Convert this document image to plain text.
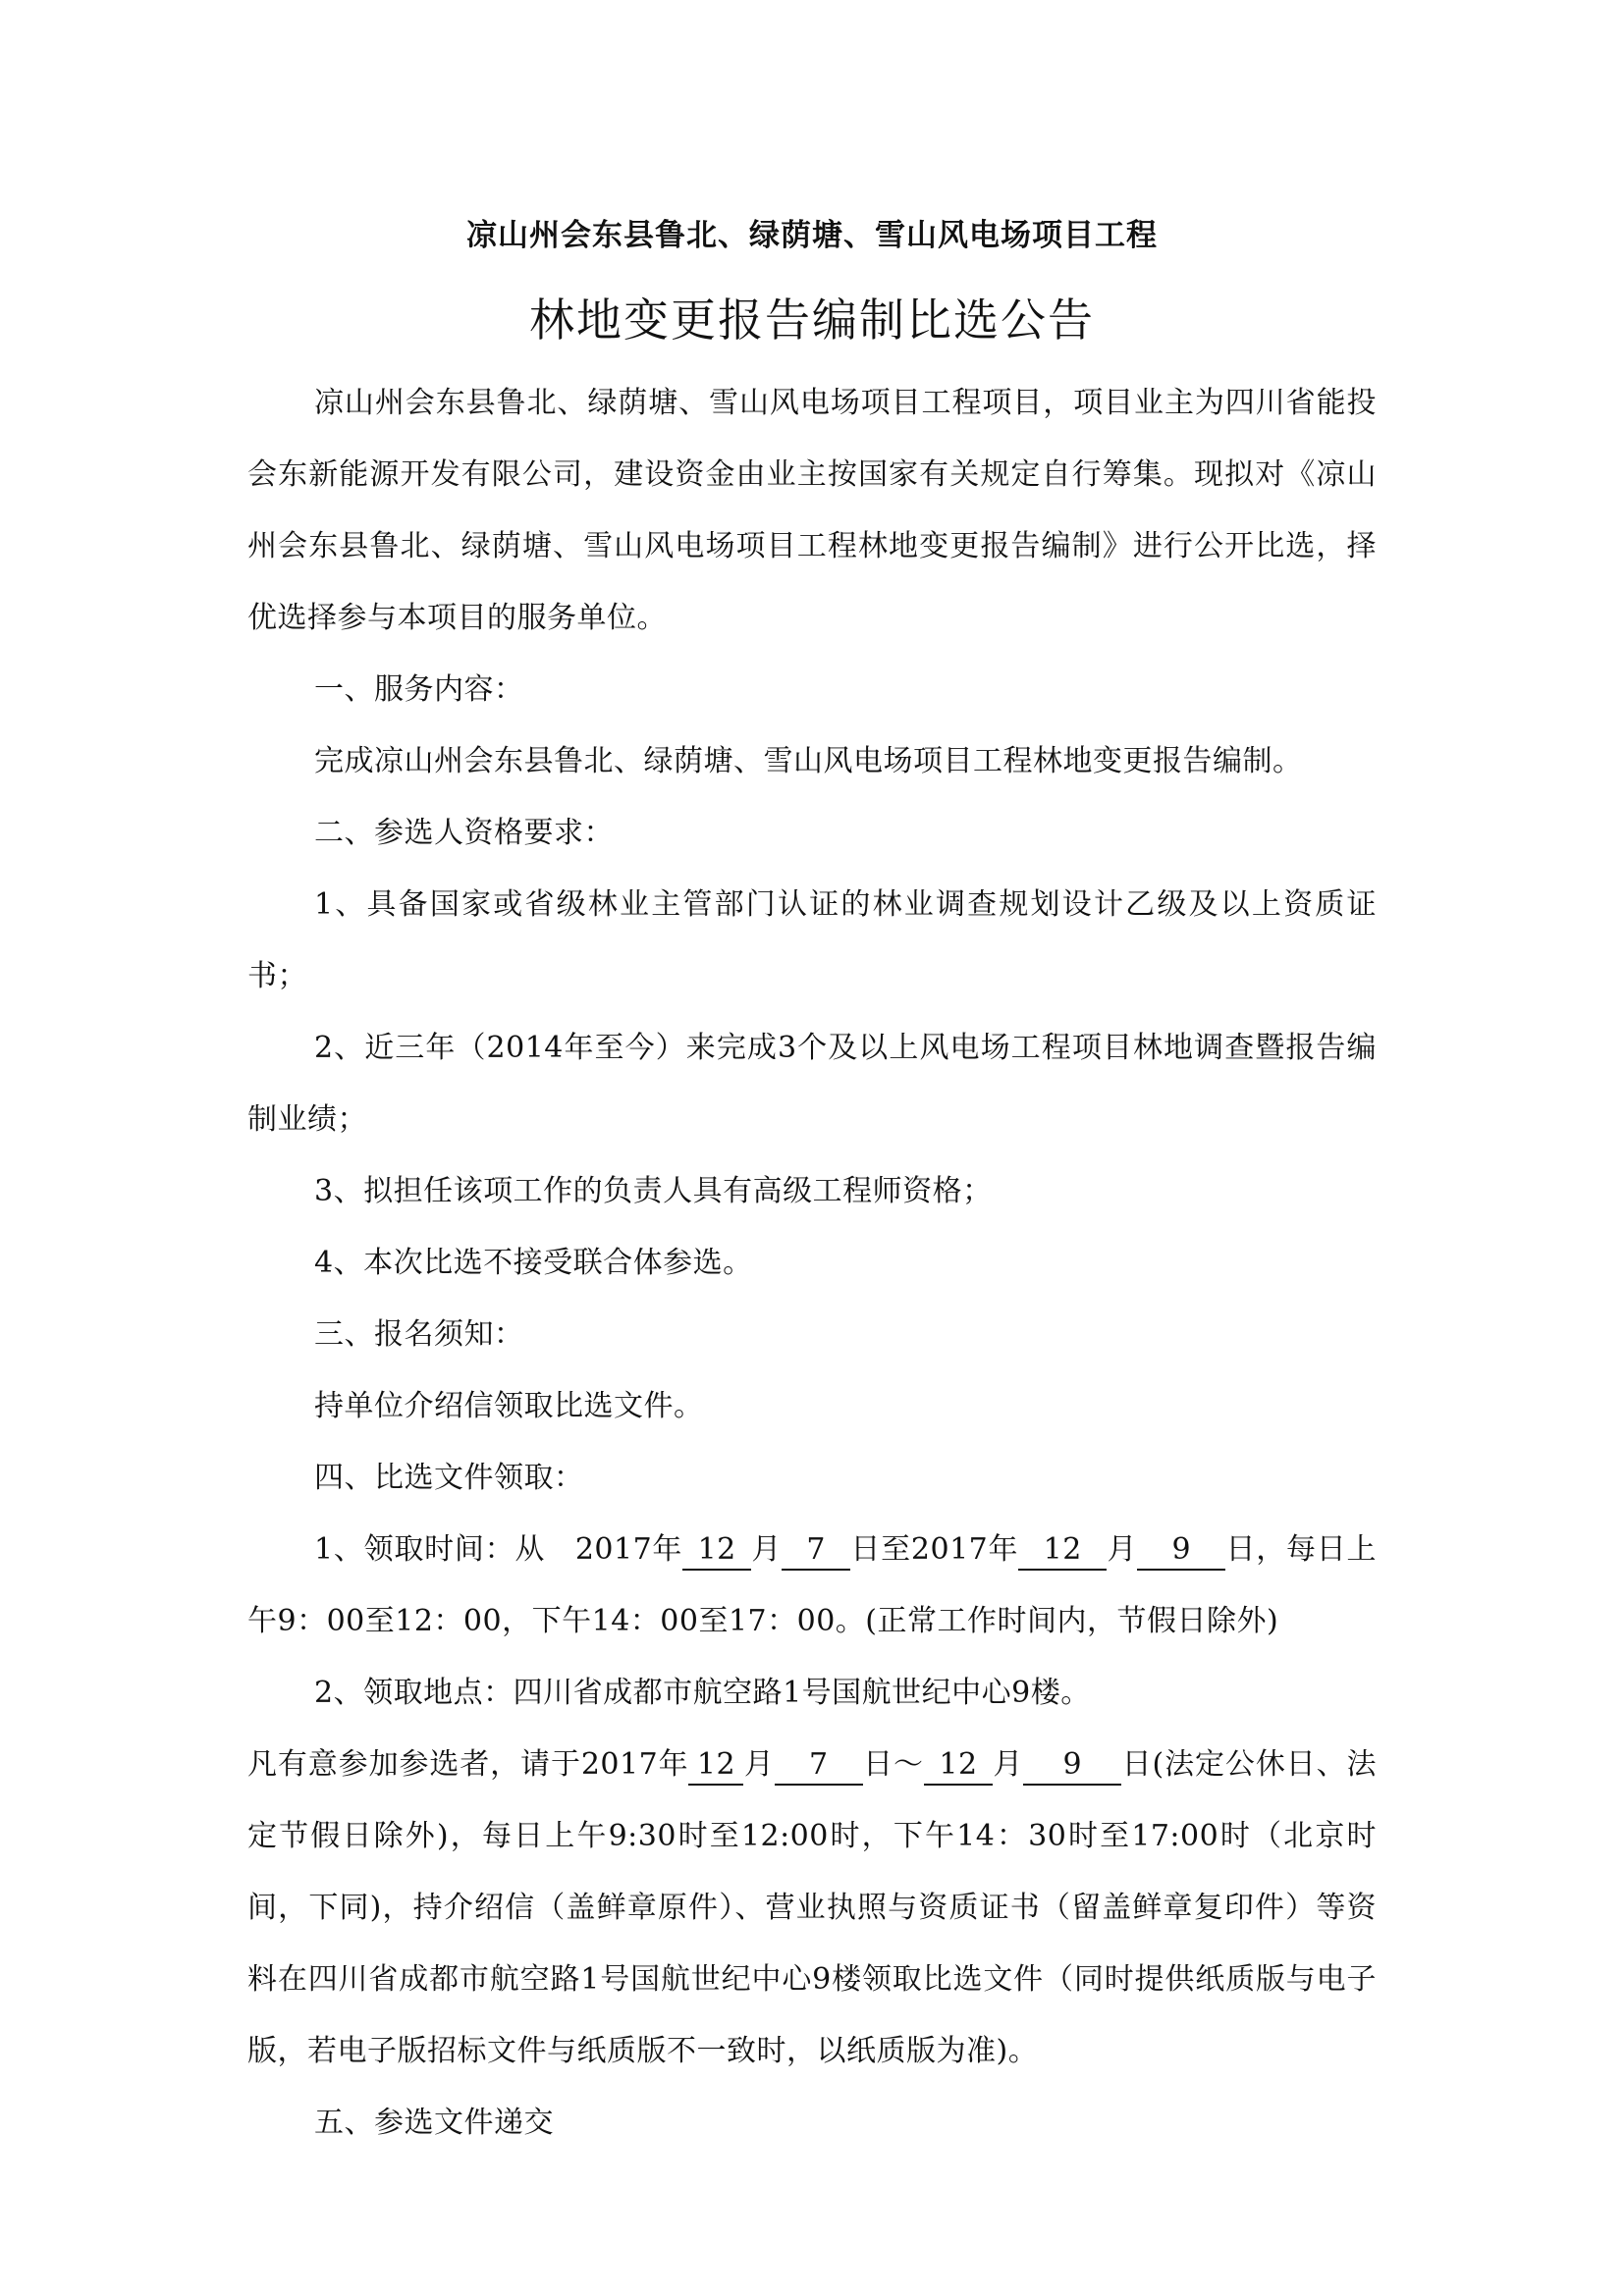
凉山州会东县鲁北、绿荫塘、雪山风电场项目工程
林地变更报告编制比选公告

凉山州会东县鲁北、绿荫塘、雪山风电场项目工程项目，项目业主为四川省能投会东新能源开发有限公司，建设资金由业主按国家有关规定自行筹集。现拟对《凉山州会东县鲁北、绿荫塘、雪山风电场项目工程林地变更报告编制》进行公开比选，择优选择参与本项目的服务单位。

一、服务内容：

完成凉山州会东县鲁北、绿荫塘、雪山风电场项目工程林地变更报告编制。

二、参选人资格要求：

1、具备国家或省级林业主管部门认证的林业调查规划设计乙级及以上资质证书；

2、近三年（2014年至今）来完成3个及以上风电场工程项目林地调查暨报告编制业绩；

3、拟担任该项工作的负责人具有高级工程师资格；

4、本次比选不接受联合体参选。

三、报名须知：

持单位介绍信领取比选文件。

四、比选文件领取：

1、领取时间：从　2017年 12 月 7 日至2017年 12 月 9 日，每日上午9：00至12：00，下午14：00至17：00。(正常工作时间内，节假日除外)

2、领取地点：四川省成都市航空路1号国航世纪中心9楼。

凡有意参加参选者，请于2017年 12 月 7 日～ 12 月 9 日(法定公休日、法定节假日除外)，每日上午9:30时至12:00时，下午14：30时至17:00时（北京时间，下同)，持介绍信（盖鲜章原件）、营业执照与资质证书（留盖鲜章复印件）等资料在四川省成都市航空路1号国航世纪中心9楼领取比选文件（同时提供纸质版与电子版，若电子版招标文件与纸质版不一致时，以纸质版为准)。

五、参选文件递交
